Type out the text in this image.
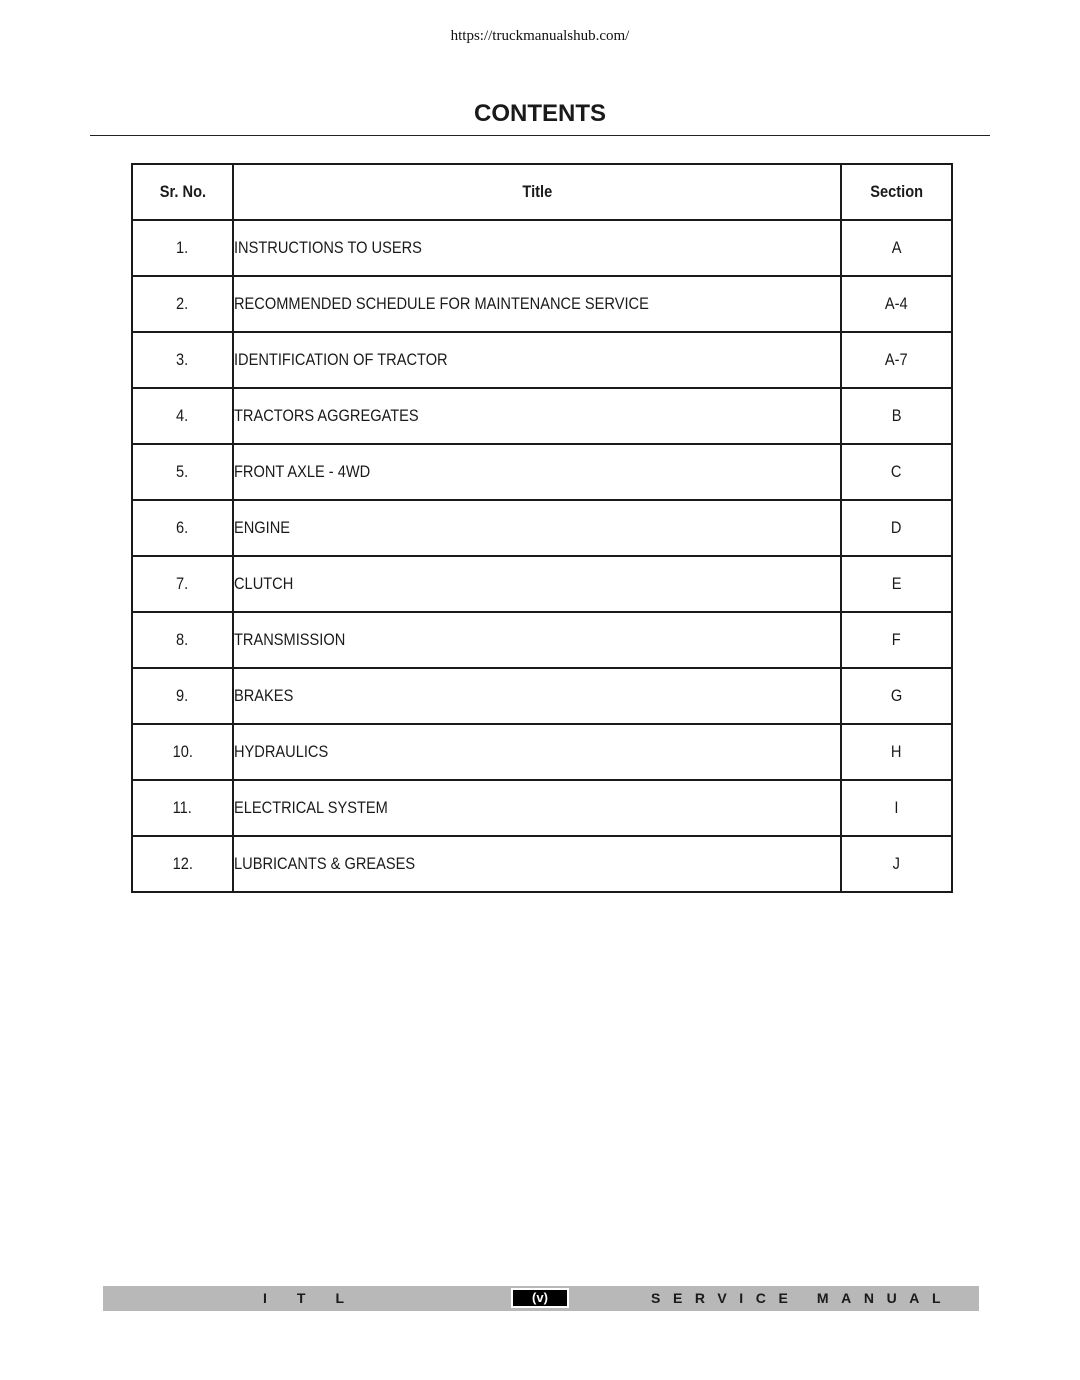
https://truckmanualshub.com/
CONTENTS
Sr. No.	Title	Section
1.	INSTRUCTIONS TO USERS	A
2.	RECOMMENDED SCHEDULE FOR MAINTENANCE SERVICE	A-4
3.	IDENTIFICATION OF TRACTOR	A-7
4.	TRACTORS AGGREGATES	B
5.	FRONT AXLE - 4WD	C
6.	ENGINE	D
7.	CLUTCH	E
8.	TRANSMISSION	F
9.	BRAKES	G
10.	HYDRAULICS	H
11.	ELECTRICAL SYSTEM	I
12.	LUBRICANTS & GREASES	J
ITL	(v)	SERVICE MANUAL
